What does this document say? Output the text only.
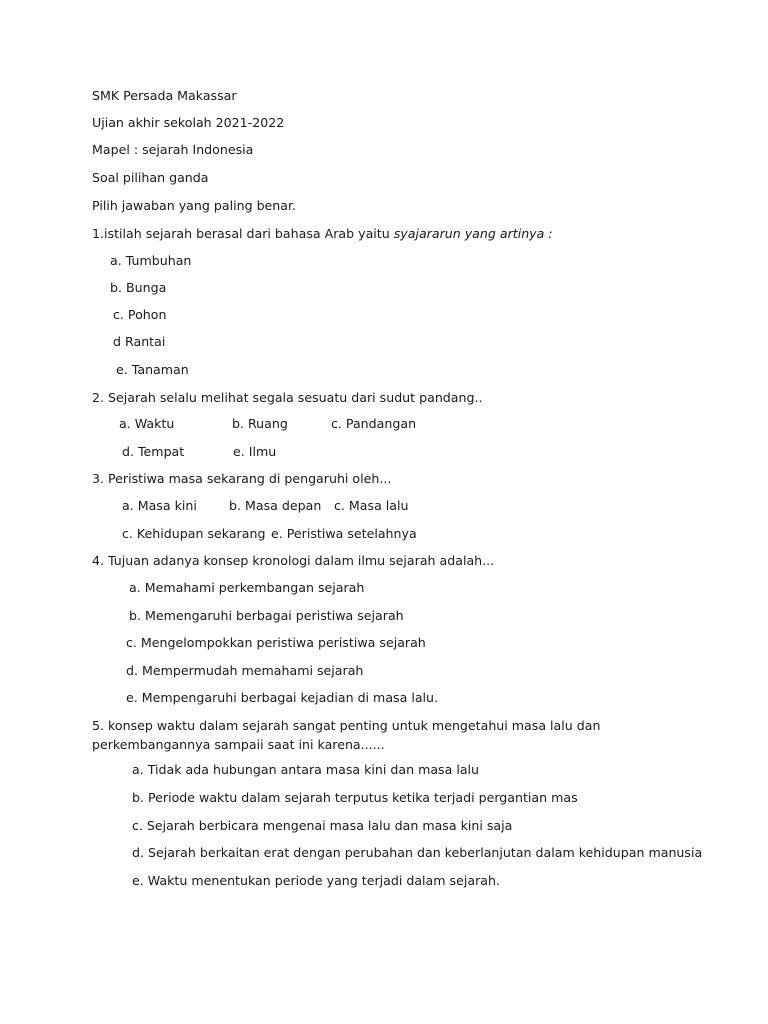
SMK Persada Makassar
Ujian akhir sekolah 2021-2022
Mapel : sejarah Indonesia
Soal pilihan ganda
Pilih jawaban yang paling benar.
1.istilah sejarah berasal dari bahasa Arab yaitu syajararun yang artinya :
a. Tumbuhan
b. Bunga
c. Pohon
d Rantai
e. Tanaman
2. Sejarah selalu melihat segala sesuatu dari sudut pandang..
a. Waktu	b. Ruang	c. Pandangan
d. Tempat	e. Ilmu
3. Peristiwa masa sekarang di pengaruhi oleh...
a. Masa kini	b. Masa depan c. Masa lalu
c. Kehidupan sekarang e. Peristiwa setelahnya
4. Tujuan adanya konsep kronologi dalam ilmu sejarah adalah...
a. Memahami perkembangan sejarah
b. Memengaruhi berbagai peristiwa sejarah
c. Mengelompokkan peristiwa peristiwa sejarah
d. Mempermudah memahami sejarah
e. Mempengaruhi berbagai kejadian di masa lalu.
5. konsep waktu dalam sejarah sangat penting untuk mengetahui masa lalu dan perkembangannya sampaii saat ini karena......
a. Tidak ada hubungan antara masa kini dan masa lalu
b. Periode waktu dalam sejarah terputus ketika terjadi pergantian mas
c. Sejarah berbicara mengenai masa lalu dan masa kini saja
d. Sejarah berkaitan erat dengan perubahan dan keberlanjutan dalam kehidupan manusia
e. Waktu menentukan periode yang terjadi dalam sejarah.
